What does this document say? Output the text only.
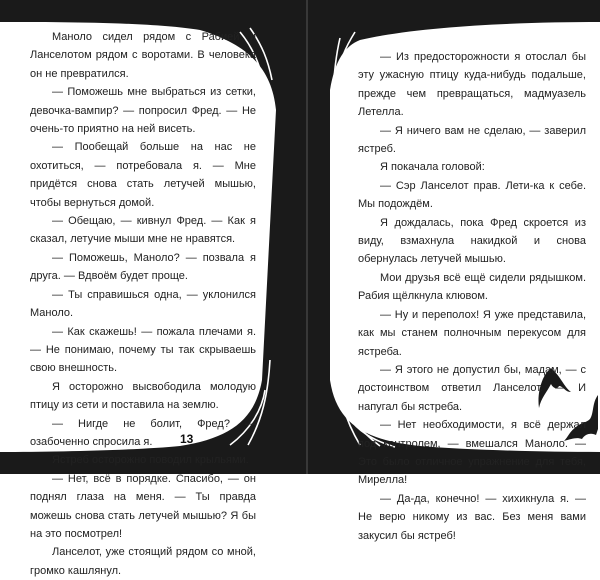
Маноло сидел рядом с Рабией и Ланселотом рядом с воротами. В человека он не превратился.

— Поможешь мне выбраться из сетки, девочка-вампир? — попросил Фред. — Не очень-то приятно на ней висеть.

— Пообещай больше на нас не охотиться, — потребовала я. — Мне придётся снова стать летучей мышью, чтобы вернуться домой.

— Обещаю, — кивнул Фред. — Как я сказал, летучие мыши мне не нравятся.

— Поможешь, Маноло? — позвала я друга. — Вдвоём будет проще.

— Ты справишься одна, — уклонился Маноло.

— Как скажешь! — пожала плечами я. — Не понимаю, почему ты так скрываешь свою внешность.

Я осторожно высвободила молодую птицу из сети и поставила на землю.

— Нигде не болит, Фред? — озабоченно спросила я.

Ястреб осторожно поводил крыльями.

— Нет, всё в порядке. Спасибо, — он поднял глаза на меня. — Ты правда можешь снова стать летучей мышью? Я бы на это посмотрел!

Ланселот, уже стоящий рядом со мной, громко кашлянул.

13

— Из предосторожности я отослал бы эту ужасную птицу куда-нибудь подальше, прежде чем превращаться, мадмуазель Летелла.

— Я ничего вам не сделаю, — заверил ястреб.

Я покачала головой:

— Сэр Ланселот прав. Лети-ка к себе. Мы подождём.

Я дождалась, пока Фред скроется из виду, взмахнула накидкой и снова обернулась летучей мышью.

Мои друзья всё ещё сидели рядышком. Рабия щёлкнула клювом.

— Ну и переполох! Я уже представила, как мы станем полночным перекусом для ястреба.

— Я этого не допустил бы, мадам, — с достоинством ответил Ланселот. — И напугал бы ястреба.

— Нет необходимости, я всё держал под контролем, — вмешался Маноло. — Это было отличное упражнение для тебя, Мирелла!

— Да-да, конечно! — хихикнула я. — Не верю никому из вас. Без меня вами закусил бы ястреб!
